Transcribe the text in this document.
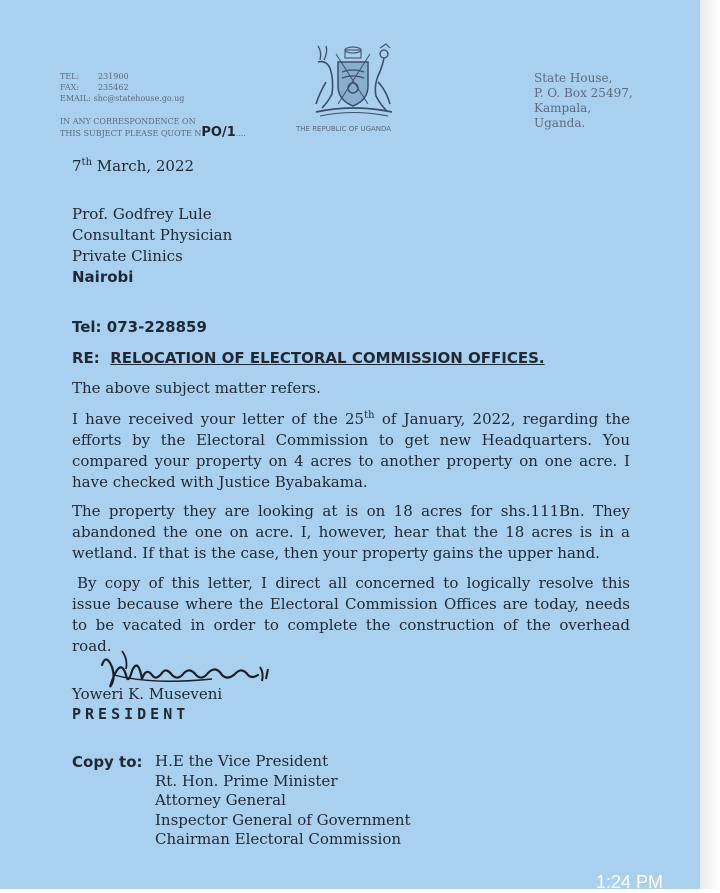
TEL: 231900
FAX: 235462
EMAIL: shc@statehouse.go.ug
IN ANY CORRESPONDENCE ON
THIS SUBJECT PLEASE QUOTE NPO/1....	THE REPUBLIC OF UGANDA
State House,
P. O. Box 25497,
Kampala,
Uganda.
7th March, 2022
Prof. Godfrey Lule
Consultant Physician
Private Clinics
Nairobi
Tel: 073-228859
RE: RELOCATION OF ELECTORAL COMMISSION OFFICES.
The above subject matter refers.
I have received your letter of the 25th of January, 2022, regarding the efforts by the Electoral Commission to get new Headquarters. You compared your property on 4 acres to another property on one acre. I have checked with Justice Byabakama.
The property they are looking at is on 18 acres for shs.111Bn. They abandoned the one on acre. I, however, hear that the 18 acres is in a wetland. If that is the case, then your property gains the upper hand.
By copy of this letter, I direct all concerned to logically resolve this issue because where the Electoral Commission Offices are today, needs to be vacated in order to complete the construction of the overhead road.
Yoweri K. Museveni
PRESIDENT
Copy to: H.E the Vice President
Rt. Hon. Prime Minister
Attorney General
Inspector General of Government
Chairman Electoral Commission
1:24 PM
